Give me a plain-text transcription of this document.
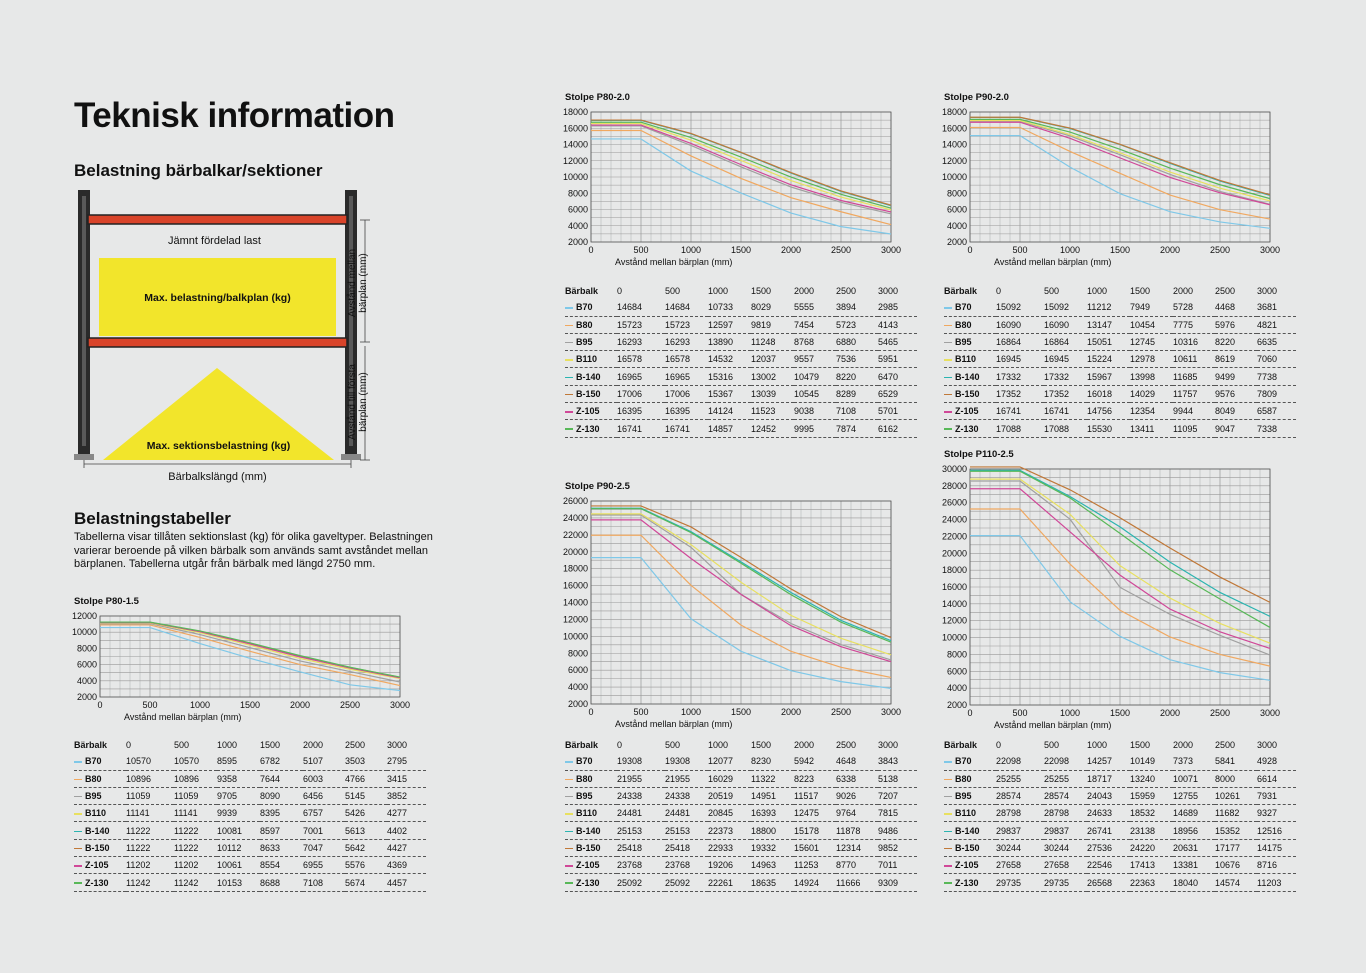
Teknisk information
Belastning bärbalkar/sektioner
Jämnt fördelad last
Max. belastning/balkplan (kg)
Max. sektionsbelastning (kg)
Bärbalkslängd (mm)
Avstånd mellan bärplan (mm)
Avstånd till första bärplan (mm)
Belastningstabeller
Tabellerna visar tillåten sektionslast (kg) för olika gaveltyper. Belastningen varierar beroende på vilken bärbalk som används samt avståndet mellan bärplanen. Tabellerna utgår från bärbalk med längd 2750 mm.
Stolpe P80-1.5
2000
4000
6000
8000
10000
12000
0	500	1000	1500	2000	2500	3000
Avstånd mellan bärplan (mm)
Bärbalk	0	500	1000	1500	2000	2500	3000
B70	10570	10570	8595	6782	5107	3503	2795
B80	10896	10896	9358	7644	6003	4766	3415
B95	11059	11059	9705	8090	6456	5145	3852
B110	11141	11141	9939	8395	6757	5426	4277
B-140	11222	11222	10081	8597	7001	5613	4402
B-150	11222	11222	10112	8633	7047	5642	4427
Z-105	11202	11202	10061	8554	6955	5576	4369
Z-130	11242	11242	10153	8688	7108	5674	4457
Stolpe P80-2.0
2000
4000
6000
8000
10000
12000
14000
16000
18000
0	500	1000	1500	2000	2500	3000
Avstånd mellan bärplan (mm)
Bärbalk	0	500	1000	1500	2000	2500	3000
B70	14684	14684	10733	8029	5555	3894	2985
B80	15723	15723	12597	9819	7454	5723	4143
B95	16293	16293	13890	11248	8768	6880	5465
B110	16578	16578	14532	12037	9557	7536	5951
B-140	16965	16965	15316	13002	10479	8220	6470
B-150	17006	17006	15367	13039	10545	8289	6529
Z-105	16395	16395	14124	11523	9038	7108	5701
Z-130	16741	16741	14857	12452	9995	7874	6162
Stolpe P90-2.0
2000
4000
6000
8000
10000
12000
14000
16000
18000
0	500	1000	1500	2000	2500	3000
Avstånd mellan bärplan (mm)
Bärbalk	0	500	1000	1500	2000	2500	3000
B70	15092	15092	11212	7949	5728	4468	3681
B80	16090	16090	13147	10454	7775	5976	4821
B95	16864	16864	15051	12745	10316	8220	6635
B110	16945	16945	15224	12978	10611	8619	7060
B-140	17332	17332	15967	13998	11685	9499	7738
B-150	17352	17352	16018	14029	11757	9576	7809
Z-105	16741	16741	14756	12354	9944	8049	6587
Z-130	17088	17088	15530	13411	11095	9047	7338
Stolpe P90-2.5
2000
4000
6000
8000
10000
12000
14000
16000
18000
20000
22000
24000
26000
0	500	1000	1500	2000	2500	3000
Avstånd mellan bärplan (mm)
Bärbalk	0	500	1000	1500	2000	2500	3000
B70	19308	19308	12077	8230	5942	4648	3843
B80	21955	21955	16029	11322	8223	6338	5138
B95	24338	24338	20519	14951	11517	9026	7207
B110	24481	24481	20845	16393	12475	9764	7815
B-140	25153	25153	22373	18800	15178	11878	9486
B-150	25418	25418	22933	19332	15601	12314	9852
Z-105	23768	23768	19206	14963	11253	8770	7011
Z-130	25092	25092	22261	18635	14924	11666	9309
Stolpe P110-2.5
2000
4000
6000
8000
10000
12000
14000
16000
18000
20000
22000
24000
26000
28000
30000
0	500	1000	1500	2000	2500	3000
Avstånd mellan bärplan (mm)
Bärbalk	0	500	1000	1500	2000	2500	3000
B70	22098	22098	14257	10149	7373	5841	4928
B80	25255	25255	18717	13240	10071	8000	6614
B95	28574	28574	24043	15959	12755	10261	7931
B110	28798	28798	24633	18532	14689	11682	9327
B-140	29837	29837	26741	23138	18956	15352	12516
B-150	30244	30244	27536	24220	20631	17177	14175
Z-105	27658	27658	22546	17413	13381	10676	8716
Z-130	29735	29735	26568	22363	18040	14574	11203
